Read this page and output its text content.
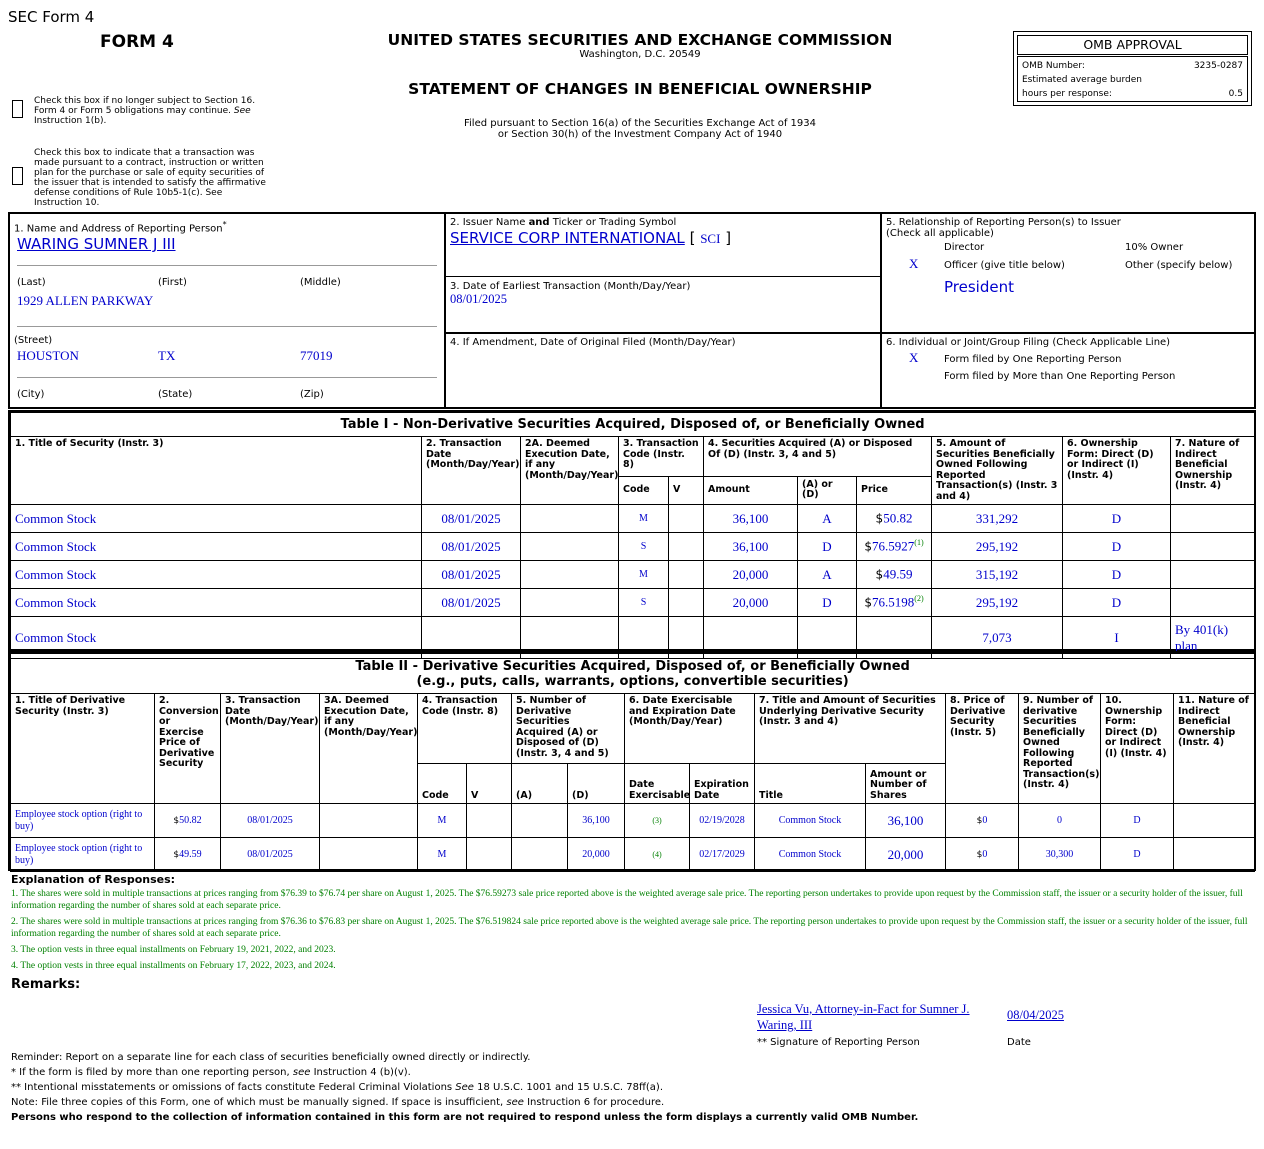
SEC Form 4
FORM 4	UNITED STATES SECURITIES AND EXCHANGE COMMISSION
Washington, D.C. 20549
STATEMENT OF CHANGES IN BENEFICIAL OWNERSHIP
Filed pursuant to Section 16(a) of the Securities Exchange Act of 1934
or Section 30(h) of the Investment Company Act of 1940
Check this box if no longer subject to Section 16. Form 4 or Form 5 obligations may continue. See Instruction 1(b).
Check this box to indicate that a transaction was made pursuant to a contract, instruction or written plan for the purchase or sale of equity securities of the issuer that is intended to satisfy the affirmative defense conditions of Rule 10b5-1(c). See Instruction 10.
OMB APPROVAL
OMB Number:	3235-0287
Estimated average burden
hours per response:	0.5
1. Name and Address of Reporting Person*
WARING SUMNER J III
(Last)	(First)	(Middle)
1929 ALLEN PARKWAY
(Street)
HOUSTON	TX	77019
(City)	(State)	(Zip)
2. Issuer Name and Ticker or Trading Symbol
SERVICE CORP INTERNATIONAL [ SCI ]
3. Date of Earliest Transaction (Month/Day/Year)
08/01/2025
4. If Amendment, Date of Original Filed (Month/Day/Year)
5. Relationship of Reporting Person(s) to Issuer
(Check all applicable)
Director	10% Owner
X	Officer (give title below)	Other (specify below)
President
6. Individual or Joint/Group Filing (Check Applicable Line)
X	Form filed by One Reporting Person
Form filed by More than One Reporting Person
Table I - Non-Derivative Securities Acquired, Disposed of, or Beneficially Owned										
1. Title of Security (Instr. 3)	2. Transaction Date (Month/Day/Year)	2A. Deemed Execution Date, if any (Month/Day/Year)	3. Transaction Code (Instr. 8)		4. Securities Acquired (A) or Disposed Of (D) (Instr. 3, 4 and 5)			5. Amount of Securities Beneficially Owned Following Reported Transaction(s) (Instr. 3 and 4)	6. Ownership Form: Direct (D) or Indirect (I) (Instr. 4)	7. Nature of Indirect Beneficial Ownership (Instr. 4)
			Code	V	Amount	(A) or (D)	Price			
Common Stock	08/01/2025		M		36,100	A	$50.82	331,292	D	
Common Stock	08/01/2025		S		36,100	D	$76.5927$^{(1)}$	295,192	D	
Common Stock	08/01/2025		M		20,000	A	$49.59	315,192	D	
Common Stock	08/01/2025		S		20,000	D	$76.5198$^{(2)}$	295,192	D	
Common Stock								7,073	I	By 401(k) plan
Table II - Derivative Securities Acquired, Disposed of, or Beneficially Owned
(e.g., puts, calls, warrants, options, convertible securities)															

1. Title of Derivative Security (Instr. 3)	2. Conversion or Exercise Price of Derivative Security	3. Transaction Date (Month/Day/Year)	3A. Deemed Execution Date, if any (Month/Day/Year)	4. Transaction Code (Instr. 8)		5. Number of Derivative Securities Acquired (A) or Disposed of (D) (Instr. 3, 4 and 5)		6. Date Exercisable and Expiration Date (Month/Day/Year)		7. Title and Amount of Securities Underlying Derivative Security (Instr. 3 and 4)		8. Price of Derivative Security (Instr. 5)	9. Number of derivative Securities Beneficially Owned Following Reported Transaction(s) (Instr. 4)	10. Ownership Form: Direct (D) or Indirect (I) (Instr. 4)	11. Nature of Indirect Beneficial Ownership (Instr. 4)
				Code	V	(A)	(D)	Date Exercisable	Expiration Date	Title	Amount or Number of Shares				
Employee stock option (right to buy)	$50.82	08/01/2025		M			36,100	(3)	02/19/2028	Common Stock	36,100	$0	0	D	
Employee stock option (right to buy)	$49.59	08/01/2025		M			20,000	(4)	02/17/2029	Common Stock	20,000	$0	30,300	D	
Explanation of Responses:
1. The shares were sold in multiple transactions at prices ranging from $76.39 to $76.74 per share on August 1, 2025. The $76.59273 sale price reported above is the weighted average sale price. The reporting person undertakes to provide upon request by the Commission staff, the issuer or a security holder of the issuer, full information regarding the number of shares sold at each separate price.
2. The shares were sold in multiple transactions at prices ranging from $76.36 to $76.83 per share on August 1, 2025. The $76.519824 sale price reported above is the weighted average sale price. The reporting person undertakes to provide upon request by the Commission staff, the issuer or a security holder of the issuer, full information regarding the number of shares sold at each separate price.
3. The option vests in three equal installments on February 19, 2021, 2022, and 2023.
4. The option vests in three equal installments on February 17, 2022, 2023, and 2024.
Remarks:
Jessica Vu, Attorney-in-Fact for Sumner J. Waring, III
08/04/2025
** Signature of Reporting Person	Date
Reminder: Report on a separate line for each class of securities beneficially owned directly or indirectly.
* If the form is filed by more than one reporting person, see Instruction 4 (b)(v).
** Intentional misstatements or omissions of facts constitute Federal Criminal Violations See 18 U.S.C. 1001 and 15 U.S.C. 78ff(a).
Note: File three copies of this Form, one of which must be manually signed. If space is insufficient, see Instruction 6 for procedure.
Persons who respond to the collection of information contained in this form are not required to respond unless the form displays a currently valid OMB Number.
